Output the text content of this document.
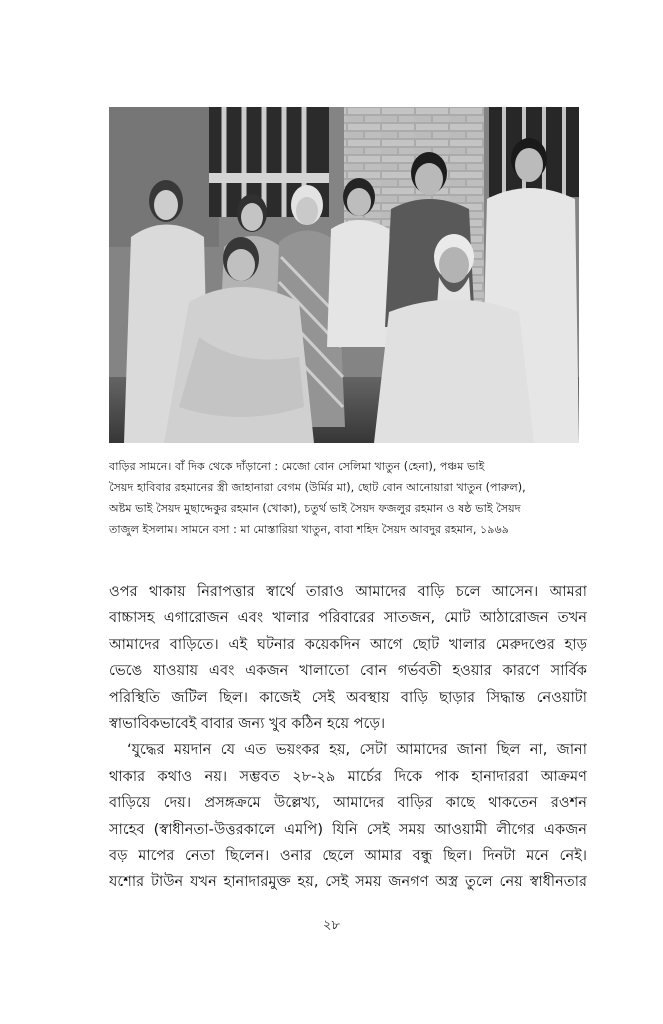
বাড়ির সামনে। বাঁ দিক থেকে দাঁড়ানো : মেজো বোন সেলিমা খাতুন (হেনা), পঞ্চম ভাই
সৈয়দ হাবিবার রহমানের স্ত্রী জাহানারা বেগম (উর্মির মা), ছোট বোন আনোয়ারা খাতুন (পারুল),
অষ্টম ভাই সৈয়দ মুছাদ্দেকুর রহমান (খোকা), চতুর্থ ভাই সৈয়দ ফজলুর রহমান ও ষষ্ঠ ভাই সৈয়দ
তাজুল ইসলাম। সামনে বসা : মা মোস্তারিয়া খাতুন, বাবা শহিদ সৈয়দ আবদুর রহমান, ১৯৬৯
ওপর থাকায় নিরাপত্তার স্বার্থে তারাও আমাদের বাড়ি চলে আসেন। আমরা
বাচ্চাসহ এগারোজন এবং খালার পরিবারের সাতজন, মোট আঠারোজন তখন
আমাদের বাড়িতে। এই ঘটনার কয়েকদিন আগে ছোট খালার মেরুদণ্ডের হাড়
ভেঙে যাওয়ায় এবং একজন খালাতো বোন গর্ভবতী হওয়ার কারণে সার্বিক
পরিস্থিতি জটিল ছিল। কাজেই সেই অবস্থায় বাড়ি ছাড়ার সিদ্ধান্ত নেওয়াটা
স্বাভাবিকভাবেই বাবার জন্য খুব কঠিন হয়ে পড়ে।
‘যুদ্ধের ময়দান যে এত ভয়ংকর হয়, সেটা আমাদের জানা ছিল না, জানা
থাকার কথাও নয়। সম্ভবত ২৮-২৯ মার্চের দিকে পাক হানাদাররা আক্রমণ
বাড়িয়ে দেয়। প্রসঙ্গক্রমে উল্লেখ্য, আমাদের বাড়ির কাছে থাকতেন রওশন
সাহেব (স্বাধীনতা-উত্তরকালে এমপি) যিনি সেই সময় আওয়ামী লীগের একজন
বড় মাপের নেতা ছিলেন। ওনার ছেলে আমার বন্ধু ছিল। দিনটা মনে নেই।
যশোর টাউন যখন হানাদারমুক্ত হয়, সেই সময় জনগণ অস্ত্র তুলে নেয় স্বাধীনতার
২৮
